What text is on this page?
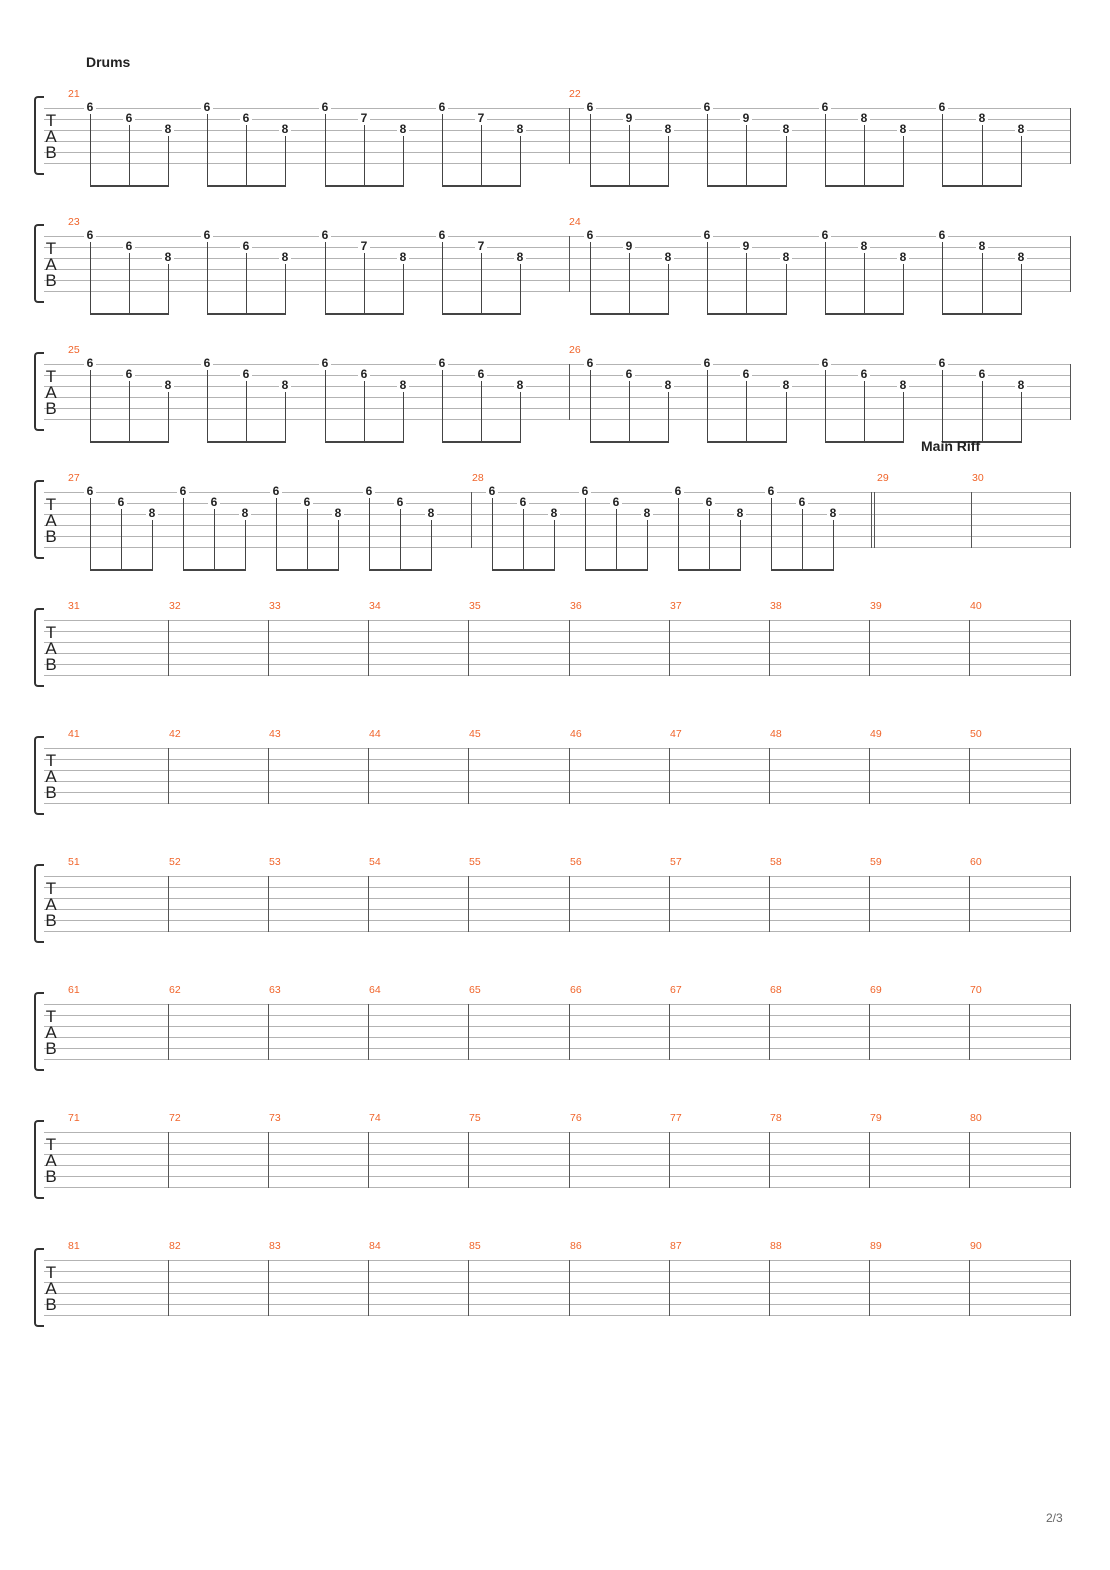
T
A
B
21
6
6
8
6
6
8
6
7
8
6
7
8
22
6
9
8
6
9
8
6
8
8
6
8
8
T
A
B
23
6
6
8
6
6
8
6
7
8
6
7
8
24
6
9
8
6
9
8
6
8
8
6
8
8
T
A
B
25
6
6
8
6
6
8
6
6
8
6
6
8
26
6
6
8
6
6
8
6
6
8
6
6
8
T
A
B
27
6
6
8
6
6
8
6
6
8
6
6
8
28
6
6
8
6
6
8
6
6
8
6
6
8
29	30
T
A
B
31	32	33	34	35	36	37	38	39	40
T
A
B
41	42	43	44	45	46	47	48	49	50
T
A
B
51	52	53	54	55	56	57	58	59	60
T
A
B
61	62	63	64	65	66	67	68	69	70
T
A
B
71	72	73	74	75	76	77	78	79	80
T
A
B
81	82	83	84	85	86	87	88	89	90
Drums
Main Riff
2/3
